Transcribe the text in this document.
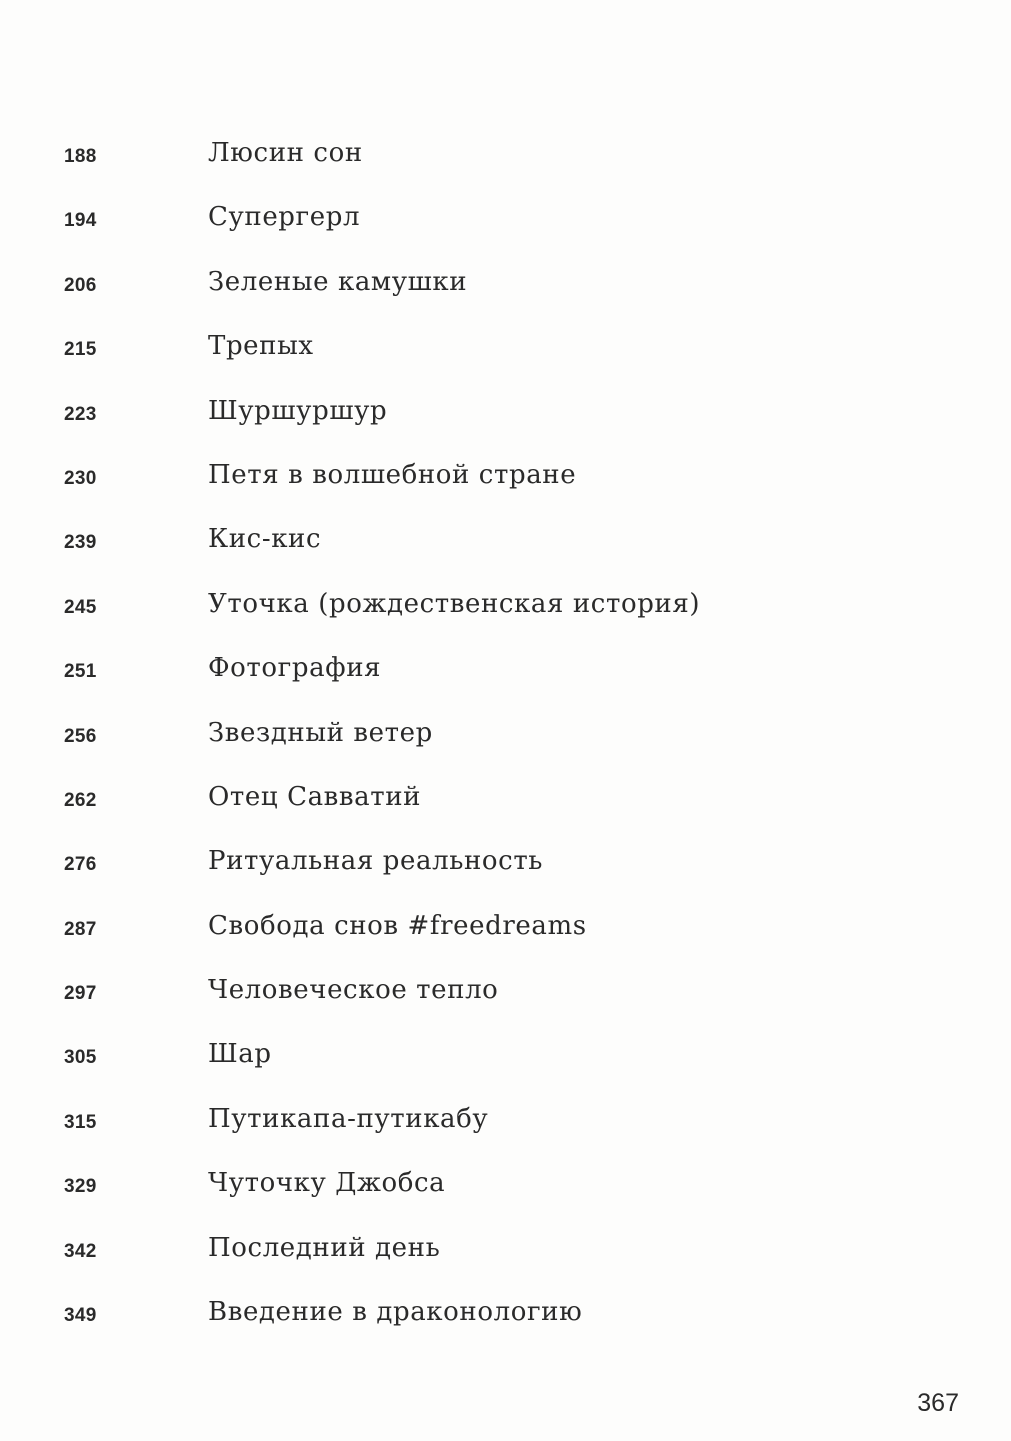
188	Люсин сон
194	Супергерл
206	Зеленые камушки
215	Трепых
223	Шуршуршур
230	Петя в волшебной стране
239	Кис-кис
245	Уточка (рождественская история)
251	Фотография
256	Звездный ветер
262	Отец Савватий
276	Ритуальная реальность
287	Свобода снов #freedreams
297	Человеческое тепло
305	Шар
315	Путикапа-путикабу
329	Чуточку Джобса
342	Последний день
349	Введение в драконологию
367
